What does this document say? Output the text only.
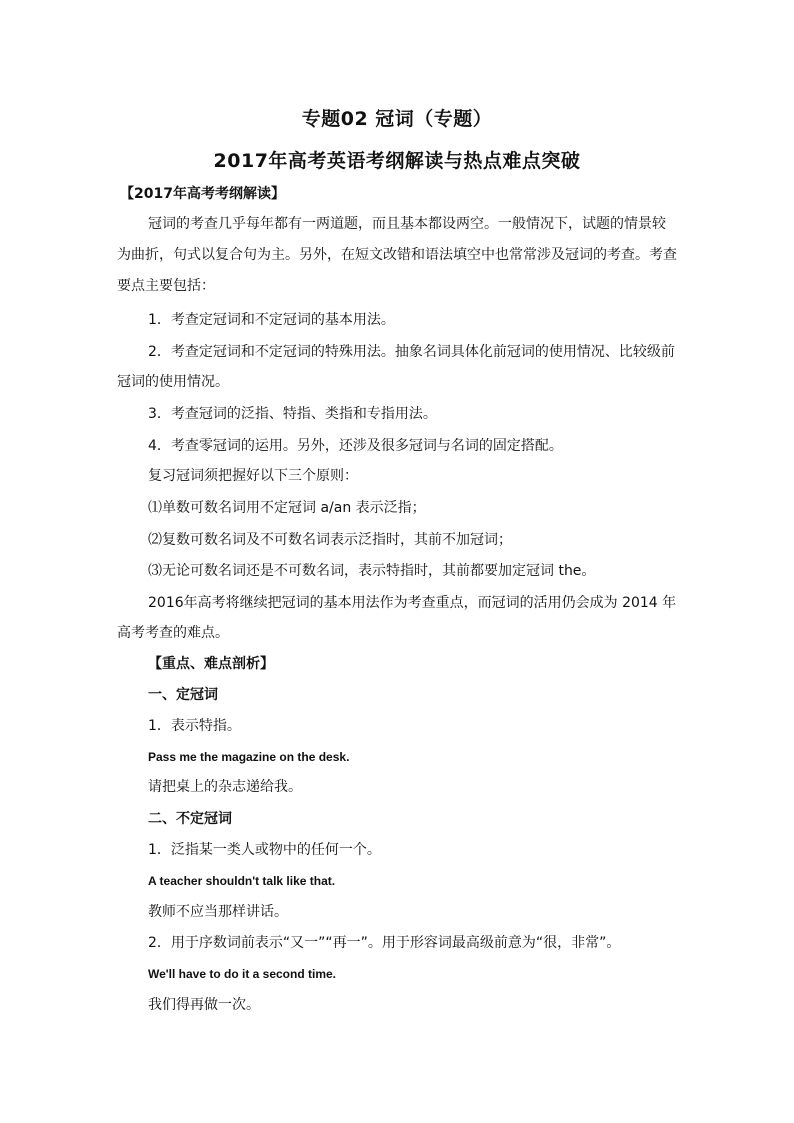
专题02 冠词（专题）
2017年高考英语考纲解读与热点难点突破
【2017年高考考纲解读】
冠词的考查几乎每年都有一两道题，而且基本都设两空。一般情况下，试题的情景较
为曲折，句式以复合句为主。另外，在短文改错和语法填空中也常常涉及冠词的考查。考查
要点主要包括：
1．考查定冠词和不定冠词的基本用法。
2．考查定冠词和不定冠词的特殊用法。抽象名词具体化前冠词的使用情况、比较级前
冠词的使用情况。
3．考查冠词的泛指、特指、类指和专指用法。
4．考查零冠词的运用。另外，还涉及很多冠词与名词的固定搭配。
复习冠词须把握好以下三个原则：
⑴单数可数名词用不定冠词 a/an 表示泛指；
⑵复数可数名词及不可数名词表示泛指时，其前不加冠词；
⑶无论可数名词还是不可数名词，表示特指时，其前都要加定冠词 the。
2016年高考将继续把冠词的基本用法作为考查重点，而冠词的活用仍会成为 2014 年
高考考查的难点。
【重点、难点剖析】
一、定冠词
1．表示特指。
Pass me the magazine on the desk.
请把桌上的杂志递给我。
二、不定冠词
1．泛指某一类人或物中的任何一个。
A teacher shouldn't talk like that.
教师不应当那样讲话。
2．用于序数词前表示“又一”“再一”。用于形容词最高级前意为“很，非常”。
We'll have to do it a second time.
我们得再做一次。
